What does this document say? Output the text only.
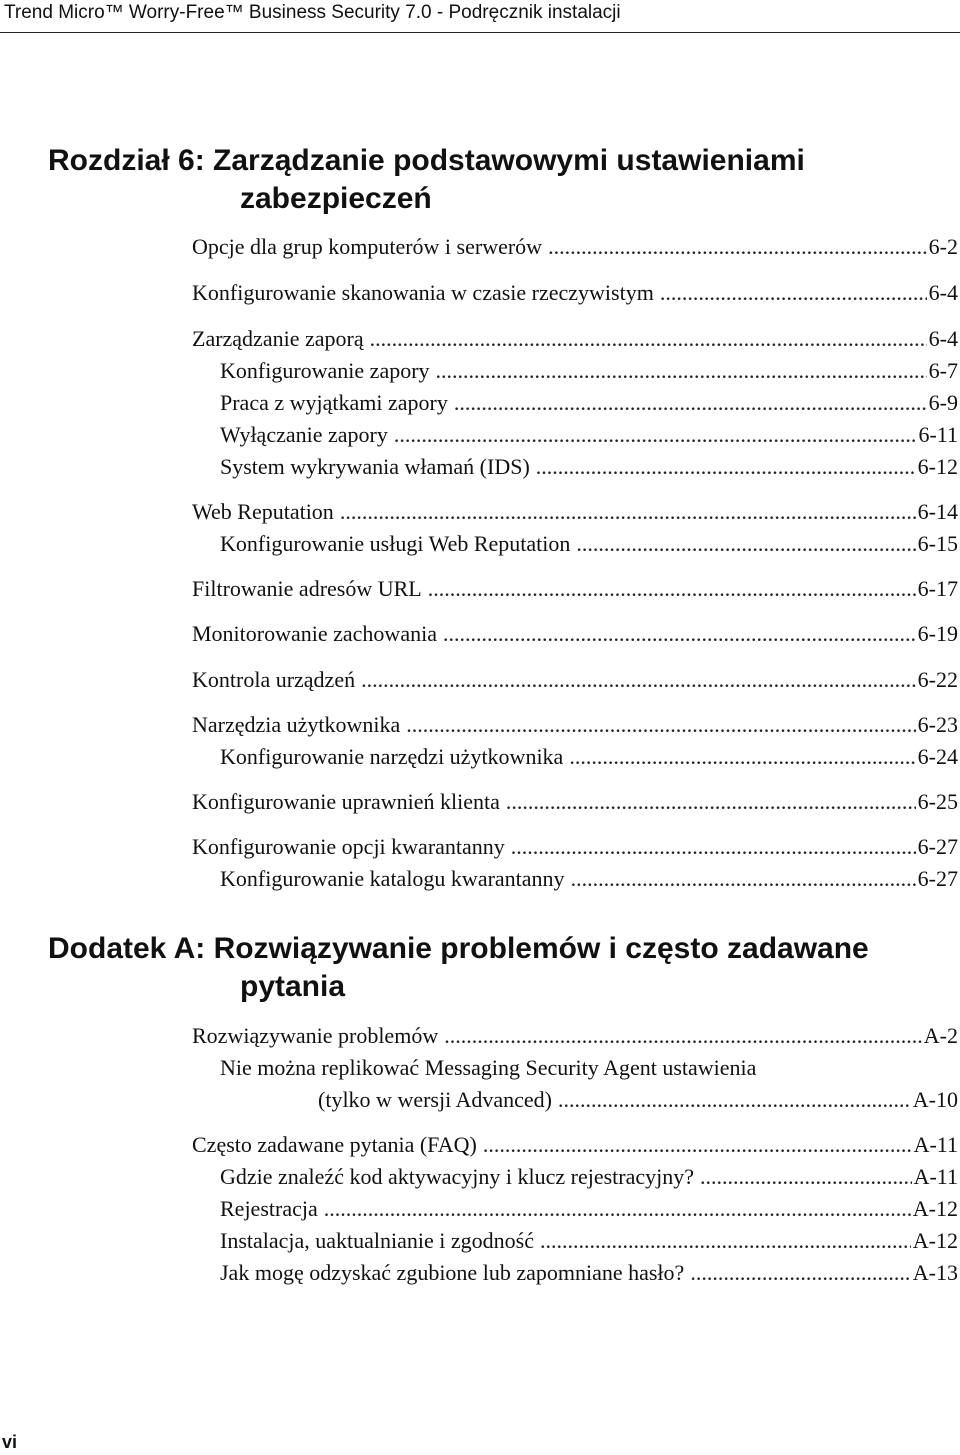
Trend Micro™ Worry-Free™ Business Security 7.0 - Podręcznik instalacji
Rozdział 6: Zarządzanie podstawowymi ustawieniami
zabezpieczeń
Opcje dla grup komputerów i serwerów .....	6-2
Konfigurowanie skanowania w czasie rzeczywistym .....	6-4
Zarządzanie zaporą .....	6-4
Konfigurowanie zapory .....	6-7
Praca z wyjątkami zapory .....	6-9
Wyłączanie zapory .....	6-11
System wykrywania włamań (IDS) .....	6-12
Web Reputation .....	6-14
Konfigurowanie usługi Web Reputation .....	6-15
Filtrowanie adresów URL .....	6-17
Monitorowanie zachowania .....	6-19
Kontrola urządzeń .....	6-22
Narzędzia użytkownika .....	6-23
Konfigurowanie narzędzi użytkownika .....	6-24
Konfigurowanie uprawnień klienta .....	6-25
Konfigurowanie opcji kwarantanny .....	6-27
Konfigurowanie katalogu kwarantanny .....	6-27
Dodatek A: Rozwiązywanie problemów i często zadawane
pytania
Rozwiązywanie problemów .....	A-2
Nie można replikować Messaging Security Agent ustawienia
(tylko w wersji Advanced) .....	A-10
Często zadawane pytania (FAQ) .....	A-11
Gdzie znaleźć kod aktywacyjny i klucz rejestracyjny? .....	A-11
Rejestracja .....	A-12
Instalacja, uaktualnianie i zgodność .....	A-12
Jak mogę odzyskać zgubione lub zapomniane hasło? .....	A-13
vi
